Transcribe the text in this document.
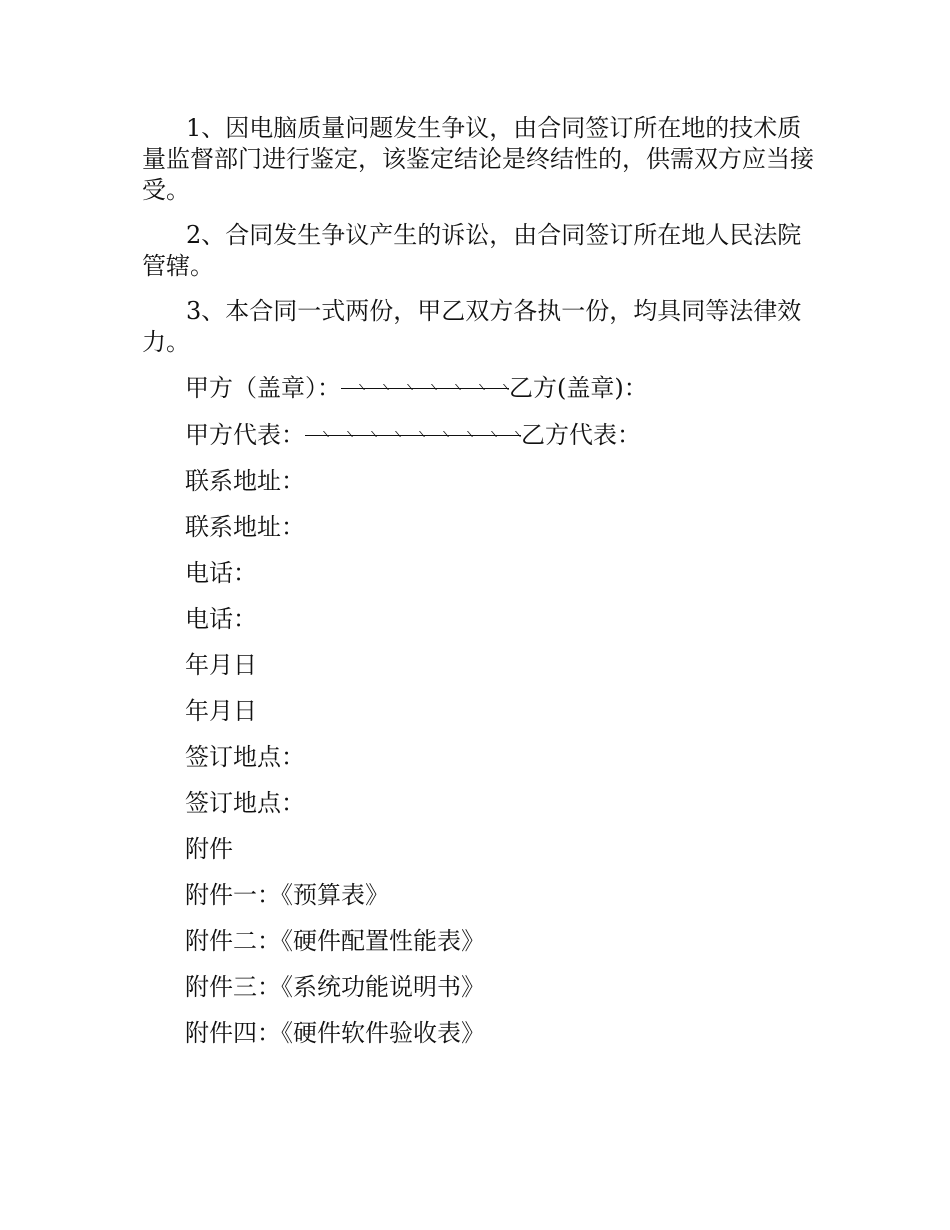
1、因电脑质量问题发生争议，由合同签订所在地的技术质量监督部门进行鉴定，该鉴定结论是终结性的，供需双方应当接受。

2、合同发生争议产生的诉讼，由合同签订所在地人民法院管辖。

3、本合同一式两份，甲乙双方各执一份，均具同等法律效力。

甲方（盖章）：	乙方(盖章)：
甲方代表：	乙方代表：

联系地址：

联系地址：

电话：

电话：

年月日

年月日

签订地点：

签订地点：

附件

附件一：《预算表》

附件二：《硬件配置性能表》

附件三：《系统功能说明书》

附件四：《硬件软件验收表》
